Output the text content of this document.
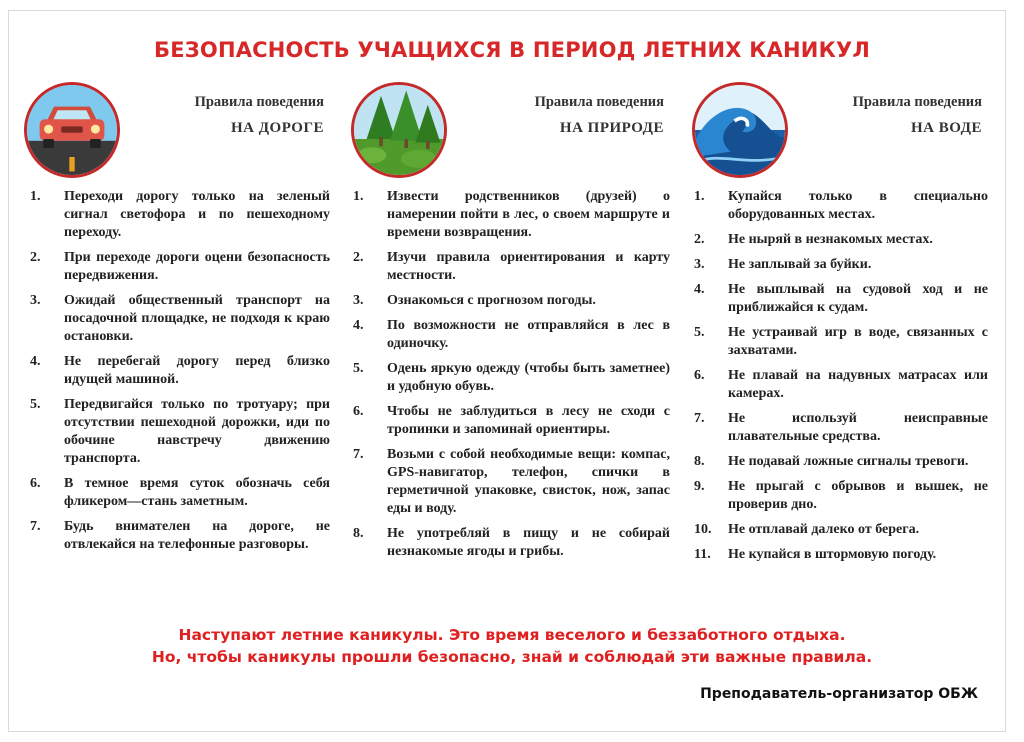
БЕЗОПАСНОСТЬ УЧАЩИХСЯ В ПЕРИОД ЛЕТНИХ КАНИКУЛ
Правила поведения
НА ДОРОГЕ
1. Переходи дорогу только на зеленый сигнал светофора и по пешеходному переходу.
2. При переходе дороги оцени безопасность передвижения.
3. Ожидай общественный транспорт на посадочной площадке, не подходя к краю остановки.
4. Не перебегай дорогу перед близко идущей машиной.
5. Передвигайся только по тротуару; при отсутствии пешеходной дорожки, иди по обочине навстречу движению транспорта.
6. В темное время суток обозначь себя фликером—стань заметным.
7. Будь внимателен на дороге, не отвлекайся на телефонные разговоры.
Правила поведения
НА ПРИРОДЕ
1. Извести родственников (друзей) о намерении пойти в лес, о своем маршруте и времени возвращения.
2. Изучи правила ориентирования и карту местности.
3. Ознакомься с прогнозом погоды.
4. По возможности не отправляйся в лес в одиночку.
5. Одень яркую одежду (чтобы быть заметнее) и удобную обувь.
6. Чтобы не заблудиться в лесу не сходи с тропинки и запоминай ориентиры.
7. Возьми с собой необходимые вещи: компас, GPS-навигатор, телефон, спички в герметичной упаковке, свисток, нож, запас еды и воду.
8. Не употребляй в пищу и не собирай незнакомые ягоды и грибы.
Правила поведения
НА ВОДЕ
1. Купайся только в специально оборудованных местах.
2. Не ныряй в незнакомых местах.
3. Не заплывай за буйки.
4. Не выплывай на судовой ход и не приближайся к судам.
5. Не устраивай игр в воде, связанных с захватами.
6. Не плавай на надувных матрасах или камерах.
7. Не используй неисправные плавательные средства.
8. Не подавай ложные сигналы тревоги.
9. Не прыгай с обрывов и вышек, не проверив дно.
10. Не отплавай далеко от берега.
11. Не купайся в штормовую погоду.
Наступают летние каникулы. Это время веселого и беззаботного отдыха.
Но, чтобы каникулы прошли безопасно, знай и соблюдай эти важные правила.
Преподаватель-организатор ОБЖ
